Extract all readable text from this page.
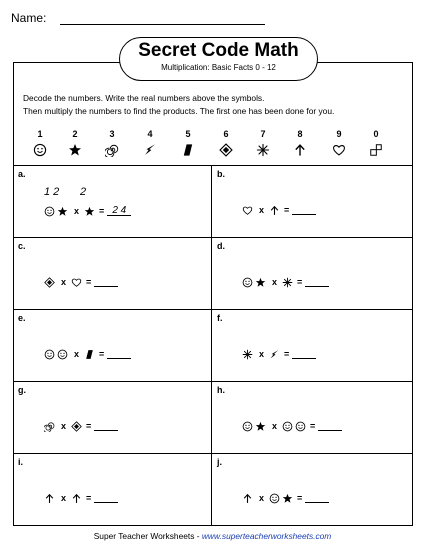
Name:
Secret Code Math
Multiplication: Basic Facts 0 - 12
Decode the numbers. Write the real numbers above the symbols.
Then multiply the numbers to find the products. The first one has been done for you.
1	2	3	4	5	6	7	8	9	0
a.
x = 2 4
b.
x =
c.
x =
d.
x =
e.
x =
f.
x =
g.
x =
h.
x	=
i.
x =
j.
x	=
1 2 2
Super Teacher Worksheets - www.superteacherworksheets.com
